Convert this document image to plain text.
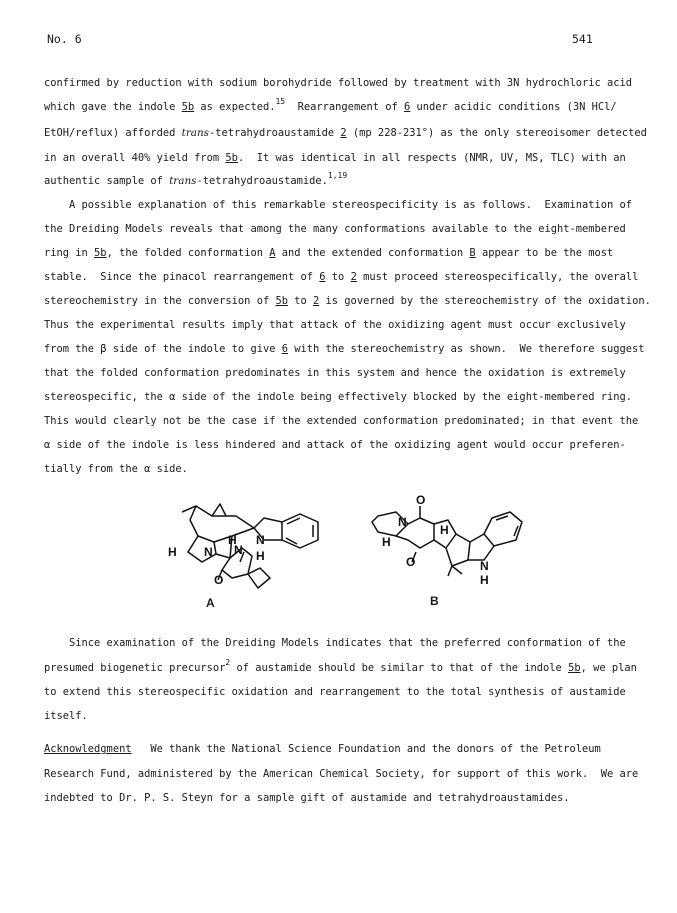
No. 6	541
confirmed by reduction with sodium borohydride followed by treatment with 3N hydrochloric acid
which gave the indole 5b as expected.$^{15}$  Rearrangement of 6 under acidic conditions (3N HCl/
EtOH/reflux) afforded trans-tetrahydroaustamide 2 (mp 228-231°) as the only stereoisomer detected
in an overall 40% yield from 5b.  It was identical in all respects (NMR, UV, MS, TLC) with an
authentic sample of trans-tetrahydroaustamide.$^{1,19}$
A possible explanation of this remarkable stereospecificity is as follows.  Examination of
the Dreiding Models reveals that among the many conformations available to the eight-membered
ring in 5b, the folded conformation A and the extended conformation B appear to be the most
stable.  Since the pinacol rearrangement of 6 to 2 must proceed stereospecifically, the overall
stereochemistry in the conversion of 5b to 2 is governed by the stereochemistry of the oxidation.
Thus the experimental results imply that attack of the oxidizing agent must occur exclusively
from the β side of the indole to give 6 with the stereochemistry as shown.  We therefore suggest
that the folded conformation predominates in this system and hence the oxidation is extremely
stereospecific, the α side of the indole being effectively blocked by the eight-membered ring.
This would clearly not be the case if the extended conformation predominated; in that event the
α side of the indole is less hindered and attack of the oxidizing agent would occur preferen-
tially from the α side.
N
H
H N N H
O
A
N
O
H
H
O	N
H
B
Since examination of the Dreiding Models indicates that the preferred conformation of the
presumed biogenetic precursor$^2$ of austamide should be similar to that of the indole 5b, we plan
to extend this stereospecific oxidation and rearrangement to the total synthesis of austamide
itself.
Acknowledgment   We thank the National Science Foundation and the donors of the Petroleum
Research Fund, administered by the American Chemical Society, for support of this work.  We are
indebted to Dr. P. S. Steyn for a sample gift of austamide and tetrahydroaustamides.
